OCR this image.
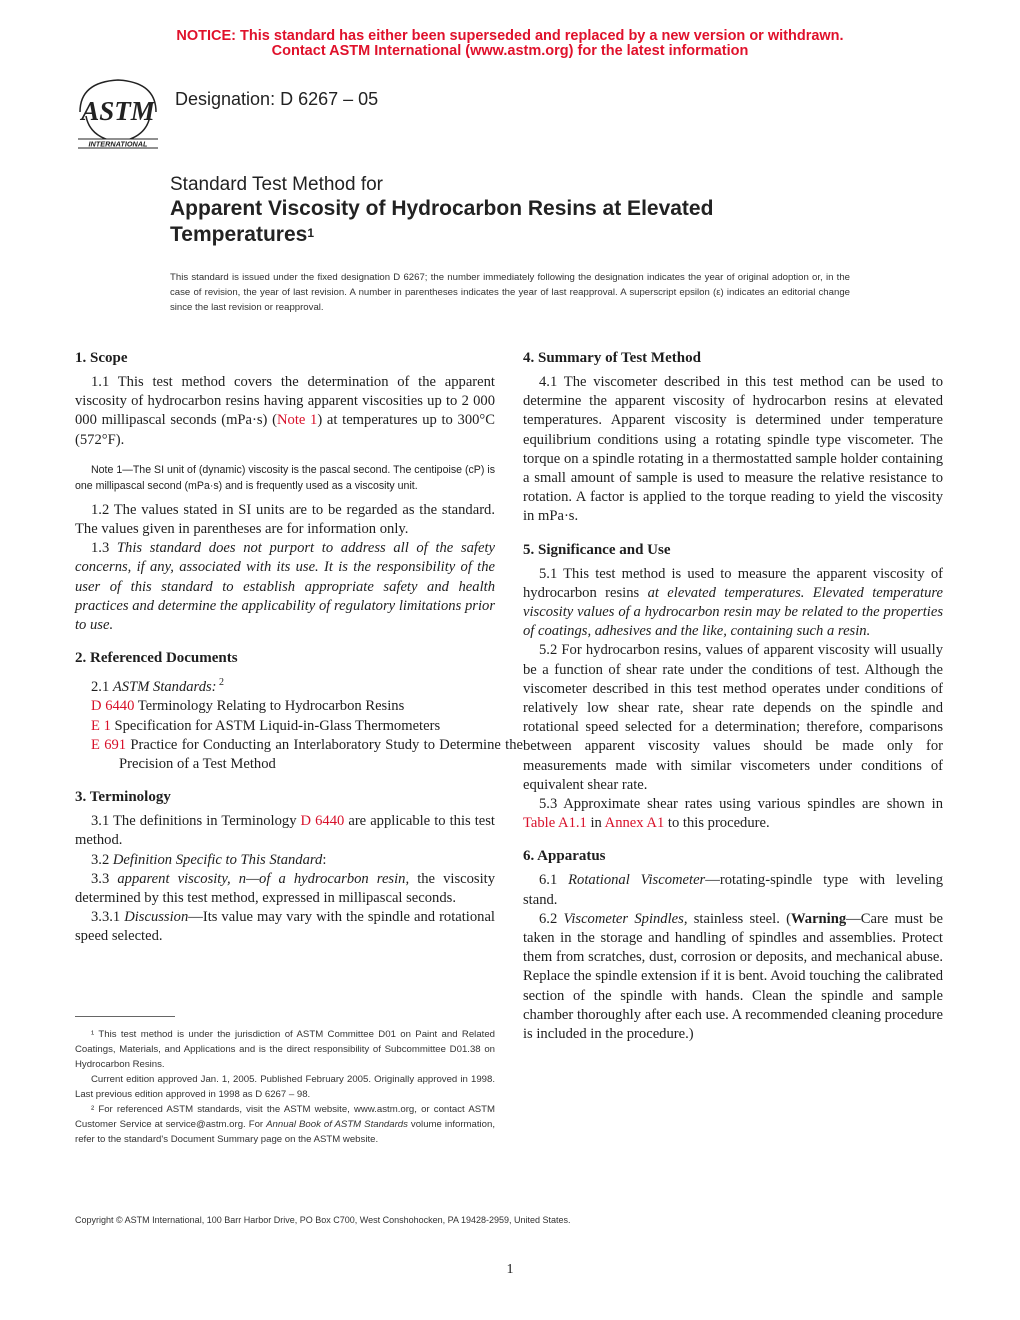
NOTICE: This standard has either been superseded and replaced by a new version or withdrawn.
Contact ASTM International (www.astm.org) for the latest information
ASTM
INTERNATIONAL
Designation: D 6267 – 05
Standard Test Method for
Apparent Viscosity of Hydrocarbon Resins at Elevated
Temperatures$^1$
This standard is issued under the fixed designation D 6267; the number immediately following the designation indicates the year of original adoption or, in the case of revision, the year of last revision. A number in parentheses indicates the year of last reapproval. A superscript epsilon (ε) indicates an editorial change since the last revision or reapproval.
1. Scope

1.1 This test method covers the determination of the apparent viscosity of hydrocarbon resins having apparent viscosities up to 2 000 000 millipascal seconds (mPa·s) (Note 1) at temperatures up to 300°C (572°F).

Note 1—The SI unit of (dynamic) viscosity is the pascal second. The centipoise (cP) is one millipascal second (mPa·s) and is frequently used as a viscosity unit.

1.2 The values stated in SI units are to be regarded as the standard. The values given in parentheses are for information only.

1.3 This standard does not purport to address all of the safety concerns, if any, associated with its use. It is the responsibility of the user of this standard to establish appropriate safety and health practices and determine the applicability of regulatory limitations prior to use.

2. Referenced Documents

2.1 ASTM Standards: $^2$

D 6440 Terminology Relating to Hydrocarbon Resins

E 1 Specification for ASTM Liquid-in-Glass Thermometers

E 691 Practice for Conducting an Interlaboratory Study to Determine the Precision of a Test Method

3. Terminology

3.1 The definitions in Terminology D 6440 are applicable to this test method.

3.2 Definition Specific to This Standard:

3.3 apparent viscosity, n—of a hydrocarbon resin, the viscosity determined by this test method, expressed in millipascal seconds.

3.3.1 Discussion—Its value may vary with the spindle and rotational speed selected.

4. Summary of Test Method

4.1 The viscometer described in this test method can be used to determine the apparent viscosity of hydrocarbon resins at elevated temperatures. Apparent viscosity is determined under temperature equilibrium conditions using a rotating spindle type viscometer. The torque on a spindle rotating in a thermostatted sample holder containing a small amount of sample is used to measure the relative resistance to rotation. A factor is applied to the torque reading to yield the viscosity in mPa·s.

5. Significance and Use

5.1 This test method is used to measure the apparent viscosity of hydrocarbon resins at elevated temperatures. Elevated temperature viscosity values of a hydrocarbon resin may be related to the properties of coatings, adhesives and the like, containing such a resin.

5.2 For hydrocarbon resins, values of apparent viscosity will usually be a function of shear rate under the conditions of test. Although the viscometer described in this test method operates under conditions of relatively low shear rate, shear rate depends on the spindle and rotational speed selected for a determination; therefore, comparisons between apparent viscosity values should be made only for measurements made with similar viscometers under conditions of equivalent shear rate.

5.3 Approximate shear rates using various spindles are shown in Table A1.1 in Annex A1 to this procedure.

6. Apparatus

6.1 Rotational Viscometer—rotating-spindle type with leveling stand.

6.2 Viscometer Spindles, stainless steel. (Warning—Care must be taken in the storage and handling of spindles and assemblies. Protect them from scratches, dust, corrosion or deposits, and mechanical abuse. Replace the spindle extension if it is bent. Avoid touching the calibrated section of the spindle with hands. Clean the spindle and sample chamber thoroughly after each use. A recommended cleaning procedure is included in the procedure.)

¹ This test method is under the jurisdiction of ASTM Committee D01 on Paint and Related Coatings, Materials, and Applications and is the direct responsibility of Subcommittee D01.38 on Hydrocarbon Resins.

Current edition approved Jan. 1, 2005. Published February 2005. Originally approved in 1998. Last previous edition approved in 1998 as D 6267 – 98.

² For referenced ASTM standards, visit the ASTM website, www.astm.org, or contact ASTM Customer Service at service@astm.org. For Annual Book of ASTM Standards volume information, refer to the standard's Document Summary page on the ASTM website.

Copyright © ASTM International, 100 Barr Harbor Drive, PO Box C700, West Conshohocken, PA 19428-2959, United States.
1
